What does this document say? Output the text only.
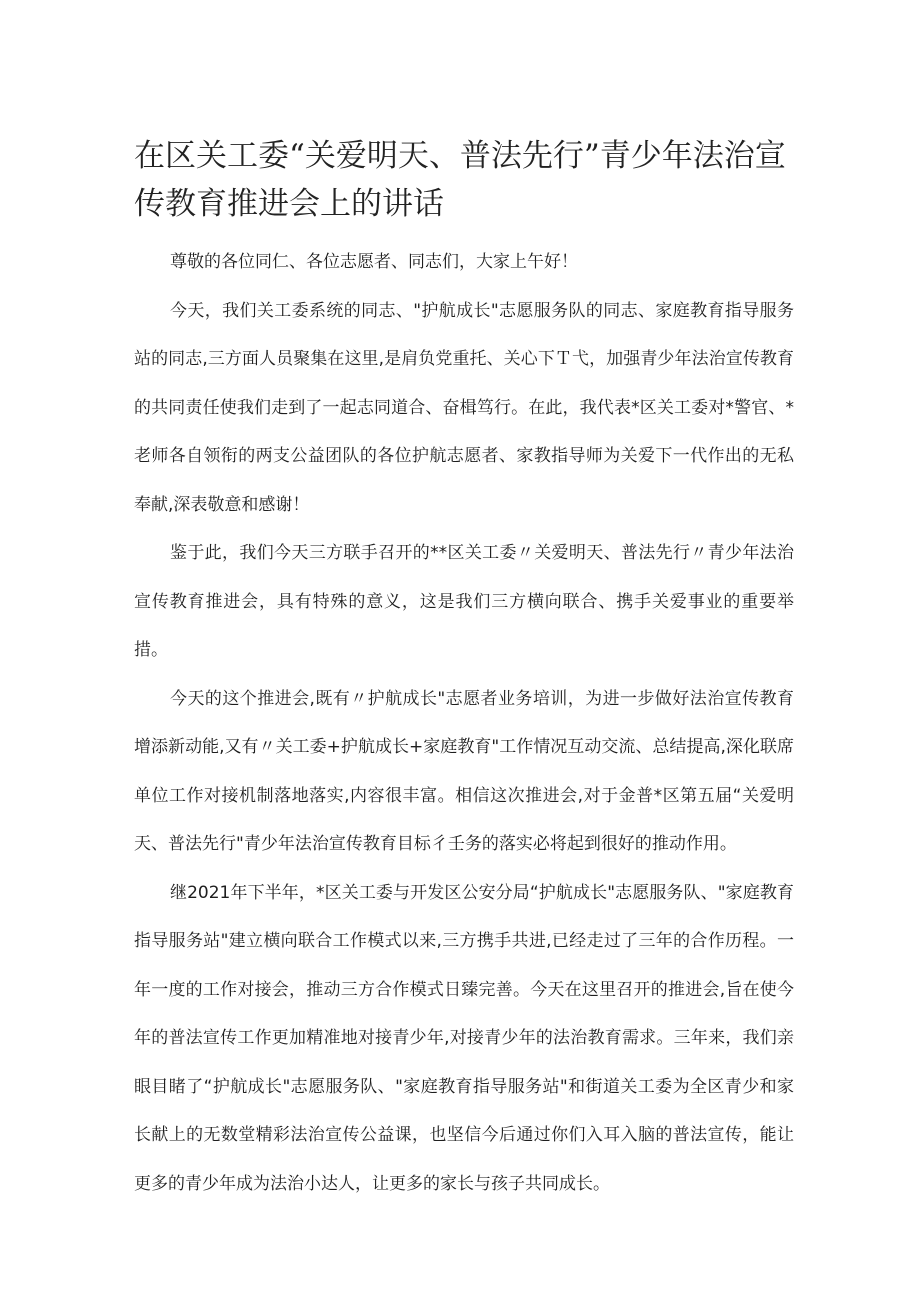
在区关工委“关爱明天、普法先行”青少年法治宣传教育推进会上的讲话

尊敬的各位同仁、各位志愿者、同志们，大家上午好！

今天，我们关工委系统的同志、"护航成长"志愿服务队的同志、家庭教育指导服务站的同志,三方面人员聚集在这里,是肩负党重托、关心下Ｔ弋，加强青少年法治宣传教育的共同责任使我们走到了一起志同道合、奋楫笃行。在此，我代表*区关工委对*警官、*老师各自领衔的两支公益团队的各位护航志愿者、家教指导师为关爱下一代作出的无私奉献,深表敬意和感谢！

鉴于此，我们今天三方联手召开的**区关工委〃关爱明天、普法先行〃青少年法治宣传教育推进会，具有特殊的意义，这是我们三方横向联合、携手关爱事业的重要举措。

今天的这个推进会,既有〃护航成长"志愿者业务培训，为进一步做好法治宣传教育增添新动能,又有〃关工委+护航成长+家庭教育"工作情况互动交流、总结提高,深化联席单位工作对接机制落地落实,内容很丰富。相信这次推进会,对于金普*区第五届“关爱明天、普法先行"青少年法治宣传教育目标彳壬务的落实必将起到很好的推动作用。

继2021年下半年，*区关工委与开发区公安分局“护航成长"志愿服务队、"家庭教育指导服务站"建立横向联合工作模式以来,三方携手共进,已经走过了三年的合作历程。一年一度的工作对接会，推动三方合作模式日臻完善。今天在这里召开的推进会,旨在使今年的普法宣传工作更加精准地对接青少年,对接青少年的法治教育需求。三年来，我们亲眼目睹了“护航成长"志愿服务队、"家庭教育指导服务站"和街道关工委为全区青少和家长献上的无数堂精彩法治宣传公益课，也坚信今后通过你们入耳入脑的普法宣传，能让更多的青少年成为法治小达人，让更多的家长与孩子共同成长。
